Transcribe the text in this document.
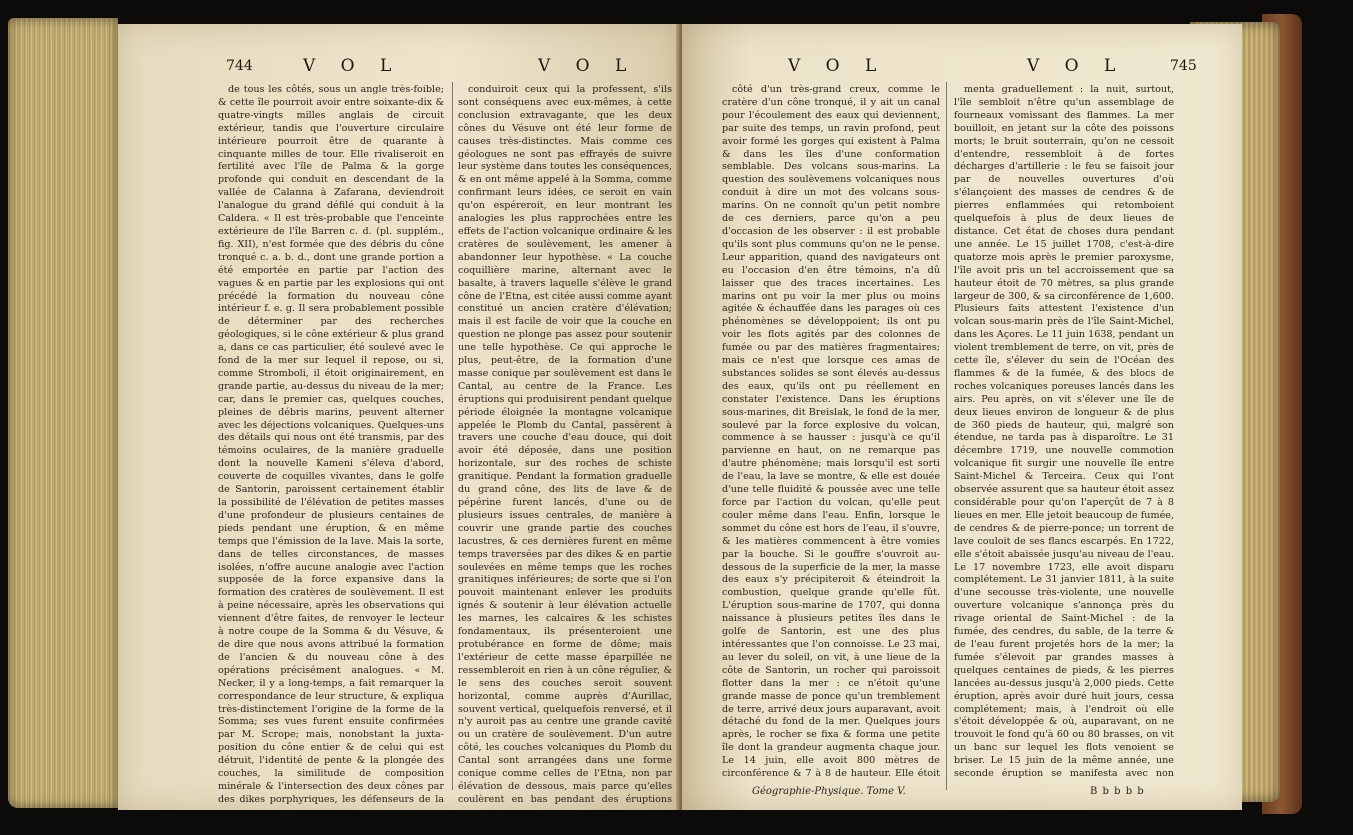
744	V O L	V O L

de tous les côtés, sous un angle très-foible; & cette île pourroit avoir entre soixante-dix & quatre-vingts milles anglais de circuit extérieur, tandis que l'ouverture circulaire intérieure pourroit être de quarante à cinquante milles de tour. Elle rivaliseroit en fertilité avec l'île de Palma & la gorge profonde qui conduit en descendant de la vallée de Calanna à Zafarana, deviendroit l'analogue du grand défilé qui conduit à la Caldera. « Il est très-probable que l'enceinte extérieure de l'île Barren c. d. (pl. supplém., fig. XII), n'est formée que des débris du cône tronqué c. a. b. d., dont une grande portion a été emportée en partie par l'action des vagues & en partie par les explosions qui ont précédé la formation du nouveau cône intérieur f. e. g. Il sera probablement possible de déterminer par des recherches géologiques, si le cône extérieur & plus grand a, dans ce cas particulier, été soulevé avec le fond de la mer sur lequel il repose, ou si, comme Stromboli, il étoit originairement, en grande partie, au-dessus du niveau de la mer; car, dans le premier cas, quelques couches, pleines de débris marins, peuvent alterner avec les déjections volcaniques. Quelques-uns des détails qui nous ont été transmis, par des témoins oculaires, de la manière graduelle dont la nouvelle Kameni s'éleva d'abord, couverte de coquilles vivantes, dans le golfe de Santorin, paroissent certainement établir la possibilité de l'élévation de petites masses d'une profondeur de plusieurs centaines de pieds pendant une éruption, & en même temps que l'émission de la lave. Mais la sorte, dans de telles circonstances, de masses isolées, n'offre aucune analogie avec l'action supposée de la force expansive dans la formation des cratères de soulèvement. Il est à peine nécessaire, après les observations qui viennent d'être faites, de renvoyer le lecteur à notre coupe de la Somma & du Vésuve, & de dire que nous avons attribué la formation de l'ancien & du nouveau cône à des opérations précisément analogues. « M. Necker, il y a long-temps, a fait remarquer la correspondance de leur structure, & expliqua très-distinctement l'origine de la forme de la Somma; ses vues furent ensuite confirmées par M. Scrope; mais, nonobstant la juxta-position du cône entier & de celui qui est détruit, l'identité de pente & la plongée des couches, la similitude de composition minérale & l'intersection des deux cônes par des dikes porphyriques, les défenseurs de la

conduiroit ceux qui la professent, s'ils sont conséquens avec eux-mêmes, à cette conclusion extravagante, que les deux cônes du Vésuve ont été leur forme de causes très-distinctes. Mais comme ces géologues ne sont pas effrayés de suivre leur système dans toutes les conséquences, & en ont même appelé à la Somma, comme confirmant leurs idées, ce seroit en vain qu'on espéreroit, en leur montrant les analogies les plus rapprochées entre les effets de l'action volcanique ordinaire & les cratères de soulèvement, les amener à abandonner leur hypothèse. « La couche coquillière marine, alternant avec le basalte, à travers laquelle s'élève le grand cône de l'Etna, est citée aussi comme ayant constitué un ancien cratère d'élévation; mais il est facile de voir que la couche en question ne plonge pas assez pour soutenir une telle hypothèse. Ce qui approche le plus, peut-être, de la formation d'une masse conique par soulèvement est dans le Cantal, au centre de la France. Les éruptions qui produisirent pendant quelque période éloignée la montagne volcanique appelée le Plomb du Cantal, passèrent à travers une couche d'eau douce, qui doit avoir été déposée, dans une position horizontale, sur des roches de schiste granitique. Pendant la formation graduelle du grand cône, des lits de lave & de pépérine furent lancés, d'une ou de plusieurs issues centrales, de manière à couvrir une grande partie des couches lacustres, & ces dernières furent en même temps traversées par des dikes & en partie soulevées en même temps que les roches granitiques inférieures; de sorte que si l'on pouvoit maintenant enlever les produits ignés & soutenir à leur élévation actuelle les marnes, les calcaires & les schistes fondamentaux, ils présenteroient une protubérance en forme de dôme; mais l'extérieur de cette masse éparpillée ne ressembleroit en rien à un cône régulier, & le sens des couches seroit souvent horizontal, comme auprès d'Aurillac, souvent vertical, quelquefois renversé, et il n'y auroit pas au centre une grande cavité ou un cratère de soulèvement. D'un autre côté, les couches volcaniques du Plomb du Cantal sont arrangées dans une forme conique comme celles de l'Etna, non par élévation de dessous, mais parce qu'elles coulèrent en bas pendant des éruptions

V O L	V O L	745

côté d'un très-grand creux, comme le cratère d'un cône tronqué, il y ait un canal pour l'écoulement des eaux qui deviennent, par suite des temps, un ravin profond, peut avoir formé les gorges qui existent à Palma & dans les îles d'une conformation semblable. Des volcans sous-marins. La question des soulèvemens volcaniques nous conduit à dire un mot des volcans sous-marins. On ne connoît qu'un petit nombre de ces derniers, parce qu'on a peu d'occasion de les observer : il est probable qu'ils sont plus communs qu'on ne le pense. Leur apparition, quand des navigateurs ont eu l'occasion d'en être témoins, n'a dû laisser que des traces incertaines. Les marins ont pu voir la mer plus ou moins agitée & échauffée dans les parages où ces phénomènes se développoient; ils ont pu voir les flots agités par des colonnes de fumée ou par des matières fragmentaires; mais ce n'est que lorsque ces amas de substances solides se sont élevés au-dessus des eaux, qu'ils ont pu réellement en constater l'existence. Dans les éruptions sous-marines, dit Breislak, le fond de la mer, soulevé par la force explosive du volcan, commence à se hausser : jusqu'à ce qu'il parvienne en haut, on ne remarque pas d'autre phénomène; mais lorsqu'il est sorti de l'eau, la lave se montre, & elle est douée d'une telle fluidité & poussée avec une telle force par l'action du volcan, qu'elle peut couler même dans l'eau. Enfin, lorsque le sommet du cône est hors de l'eau, il s'ouvre, & les matières commencent à être vomies par la bouche. Si le gouffre s'ouvroit au-dessous de la superficie de la mer, la masse des eaux s'y précipiteroit & éteindroit la combustion, quelque grande qu'elle fût. L'éruption sous-marine de 1707, qui donna naissance à plusieurs petites îles dans le golfe de Santorin, est une des plus intéressantes que l'on connoisse. Le 23 mai, au lever du soleil, on vit, à une lieue de la côte de Santorin, un rocher qui paroissoit flotter dans la mer : ce n'étoit qu'une grande masse de ponce qu'un tremblement de terre, arrivé deux jours auparavant, avoit détaché du fond de la mer. Quelques jours après, le rocher se fixa & forma une petite île dont la grandeur augmenta chaque jour. Le 14 juin, elle avoit 800 mètres de circonférence & 7 à 8 de hauteur. Elle étoit

menta graduellement : la nuit, surtout, l'île sembloit n'être qu'un assemblage de fourneaux vomissant des flammes. La mer bouilloit, en jetant sur la côte des poissons morts; le bruit souterrain, qu'on ne cessoit d'entendre, ressembloit à de fortes décharges d'artillerie : le feu se faisoit jour par de nouvelles ouvertures d'où s'élançoient des masses de cendres & de pierres enflammées qui retomboient quelquefois à plus de deux lieues de distance. Cet état de choses dura pendant une année. Le 15 juillet 1708, c'est-à-dire quatorze mois après le premier paroxysme, l'île avoit pris un tel accroissement que sa hauteur étoit de 70 mètres, sa plus grande largeur de 300, & sa circonférence de 1,600. Plusieurs faits attestent l'existence d'un volcan sous-marin près de l'île Saint-Michel, dans les Açores. Le 11 juin 1638, pendant un violent tremblement de terre, on vit, près de cette île, s'élever du sein de l'Océan des flammes & de la fumée, & des blocs de roches volcaniques poreuses lancés dans les airs. Peu après, on vit s'élever une île de deux lieues environ de longueur & de plus de 360 pieds de hauteur, qui, malgré son étendue, ne tarda pas à disparoître. Le 31 décembre 1719, une nouvelle commotion volcanique fit surgir une nouvelle île entre Saint-Michel & Terceira. Ceux qui l'ont observée assurent que sa hauteur étoit assez considérable pour qu'on l'aperçût de 7 à 8 lieues en mer. Elle jetoit beaucoup de fumée, de cendres & de pierre-ponce; un torrent de lave couloit de ses flancs escarpés. En 1722, elle s'étoit abaissée jusqu'au niveau de l'eau. Le 17 novembre 1723, elle avoit disparu complétement. Le 31 janvier 1811, à la suite d'une secousse très-violente, une nouvelle ouverture volcanique s'annonça près du rivage oriental de Saint-Michel : de la fumée, des cendres, du sable, de la terre & de l'eau furent projetés hors de la mer; la fumée s'élevoit par grandes masses à quelques centaines de pieds, & les pierres lancées au-dessus jusqu'à 2,000 pieds. Cette éruption, après avoir duré huit jours, cessa complétement; mais, à l'endroit où elle s'étoit développée & où, auparavant, on ne trouvoit le fond qu'à 60 ou 80 brasses, on vit un banc sur lequel les flots venoient se briser. Le 15 juin de la même année, une seconde éruption se manifesta avec non

Géographie-Physique. Tome V.	B b b b b
